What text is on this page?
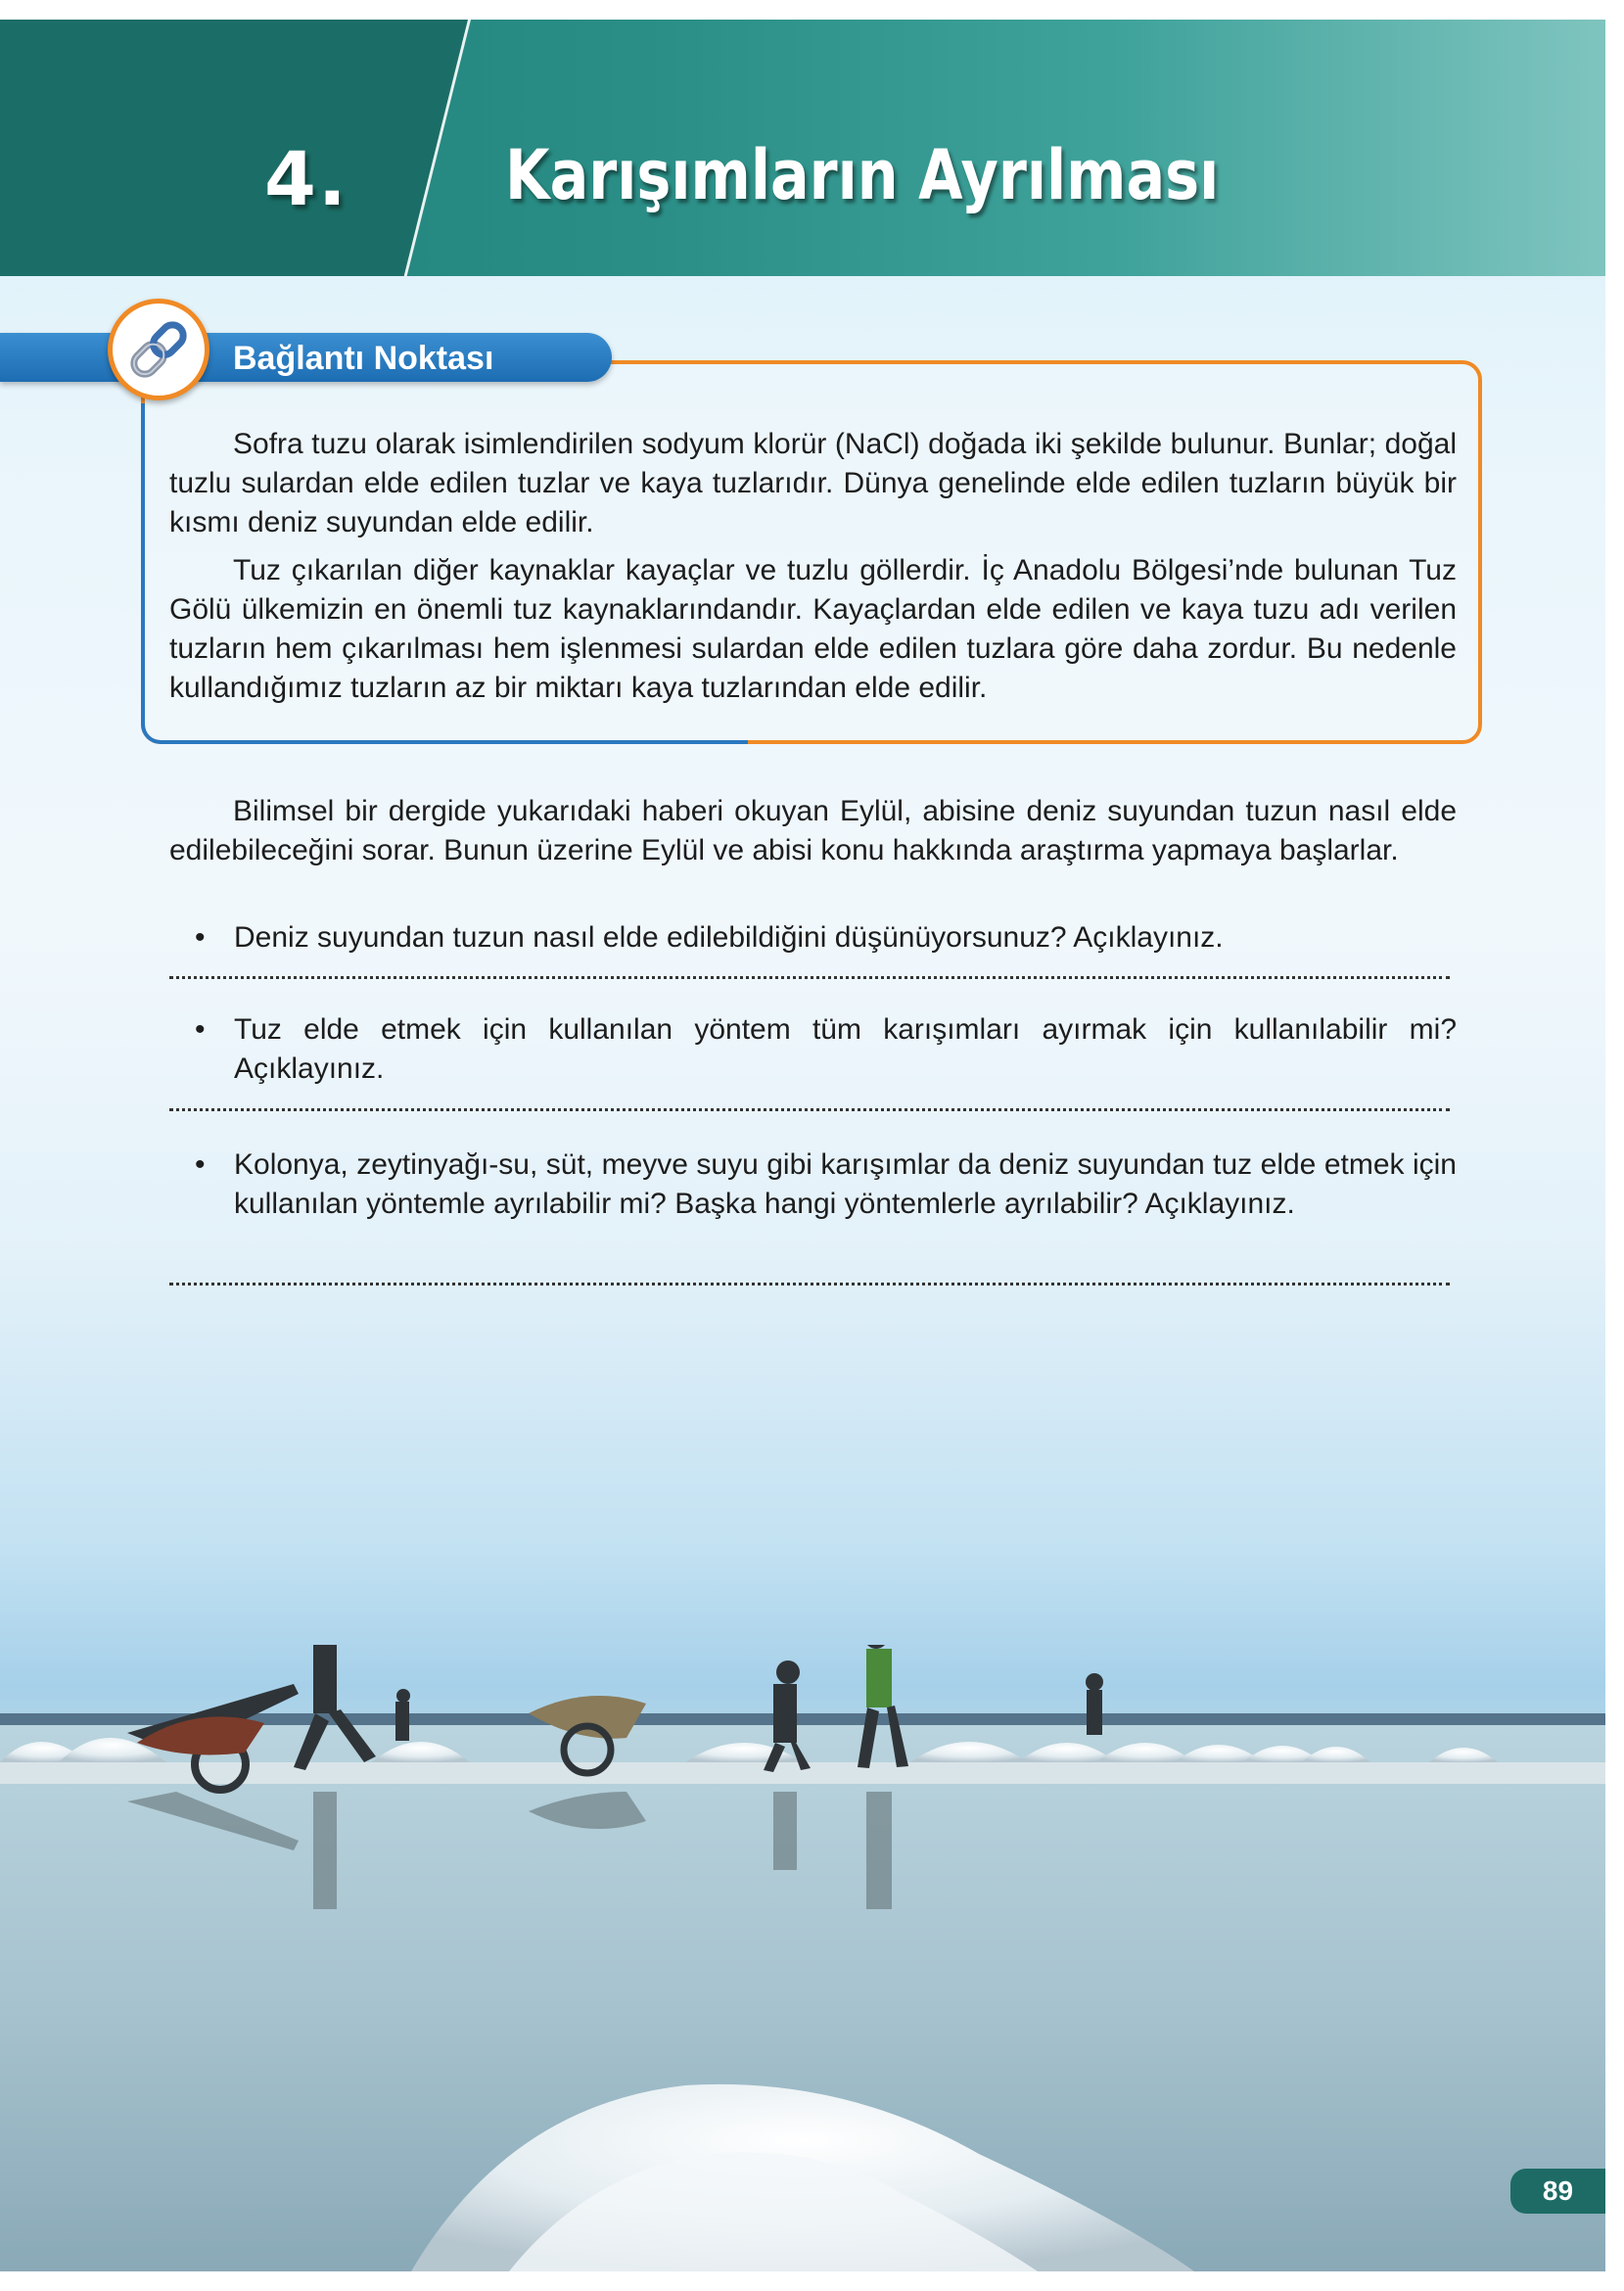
4. Karışımların Ayrılması
Bağlantı Noktası
Sofra tuzu olarak isimlendirilen sodyum klorür (NaCl) doğada iki şekilde bulunur. Bunlar; doğal tuzlu sulardan elde edilen tuzlar ve kaya tuzlarıdır. Dünya genelinde elde edilen tuzların büyük bir kısmı deniz suyundan elde edilir.
Tuz çıkarılan diğer kaynaklar kayaçlar ve tuzlu göllerdir. İç Anadolu Bölgesi’nde bulunan Tuz Gölü ülkemizin en önemli tuz kaynaklarındandır. Kayaçlardan elde edilen ve kaya tuzu adı verilen tuzların hem çıkarılması hem işlenmesi sulardan elde edilen tuzlara göre daha zordur. Bu nedenle kullandığımız tuzların az bir miktarı kaya tuzlarından elde edilir.
Bilimsel bir dergide yukarıdaki haberi okuyan Eylül, abisine deniz suyundan tuzun nasıl elde edilebileceğini sorar. Bunun üzerine Eylül ve abisi konu hakkında araştırma yapmaya başlarlar.
• Deniz suyundan tuzun nasıl elde edilebildiğini düşünüyorsunuz? Açıklayınız.
• Tuz elde etmek için kullanılan yöntem tüm karışımları ayırmak için kullanılabilir mi? Açıklayınız.
• Kolonya, zeytinyağı-su, süt, meyve suyu gibi karışımlar da deniz suyundan tuz elde etmek için kullanılan yöntemle ayrılabilir mi? Başka hangi yöntemlerle ayrılabilir? Açıklayınız.
89
